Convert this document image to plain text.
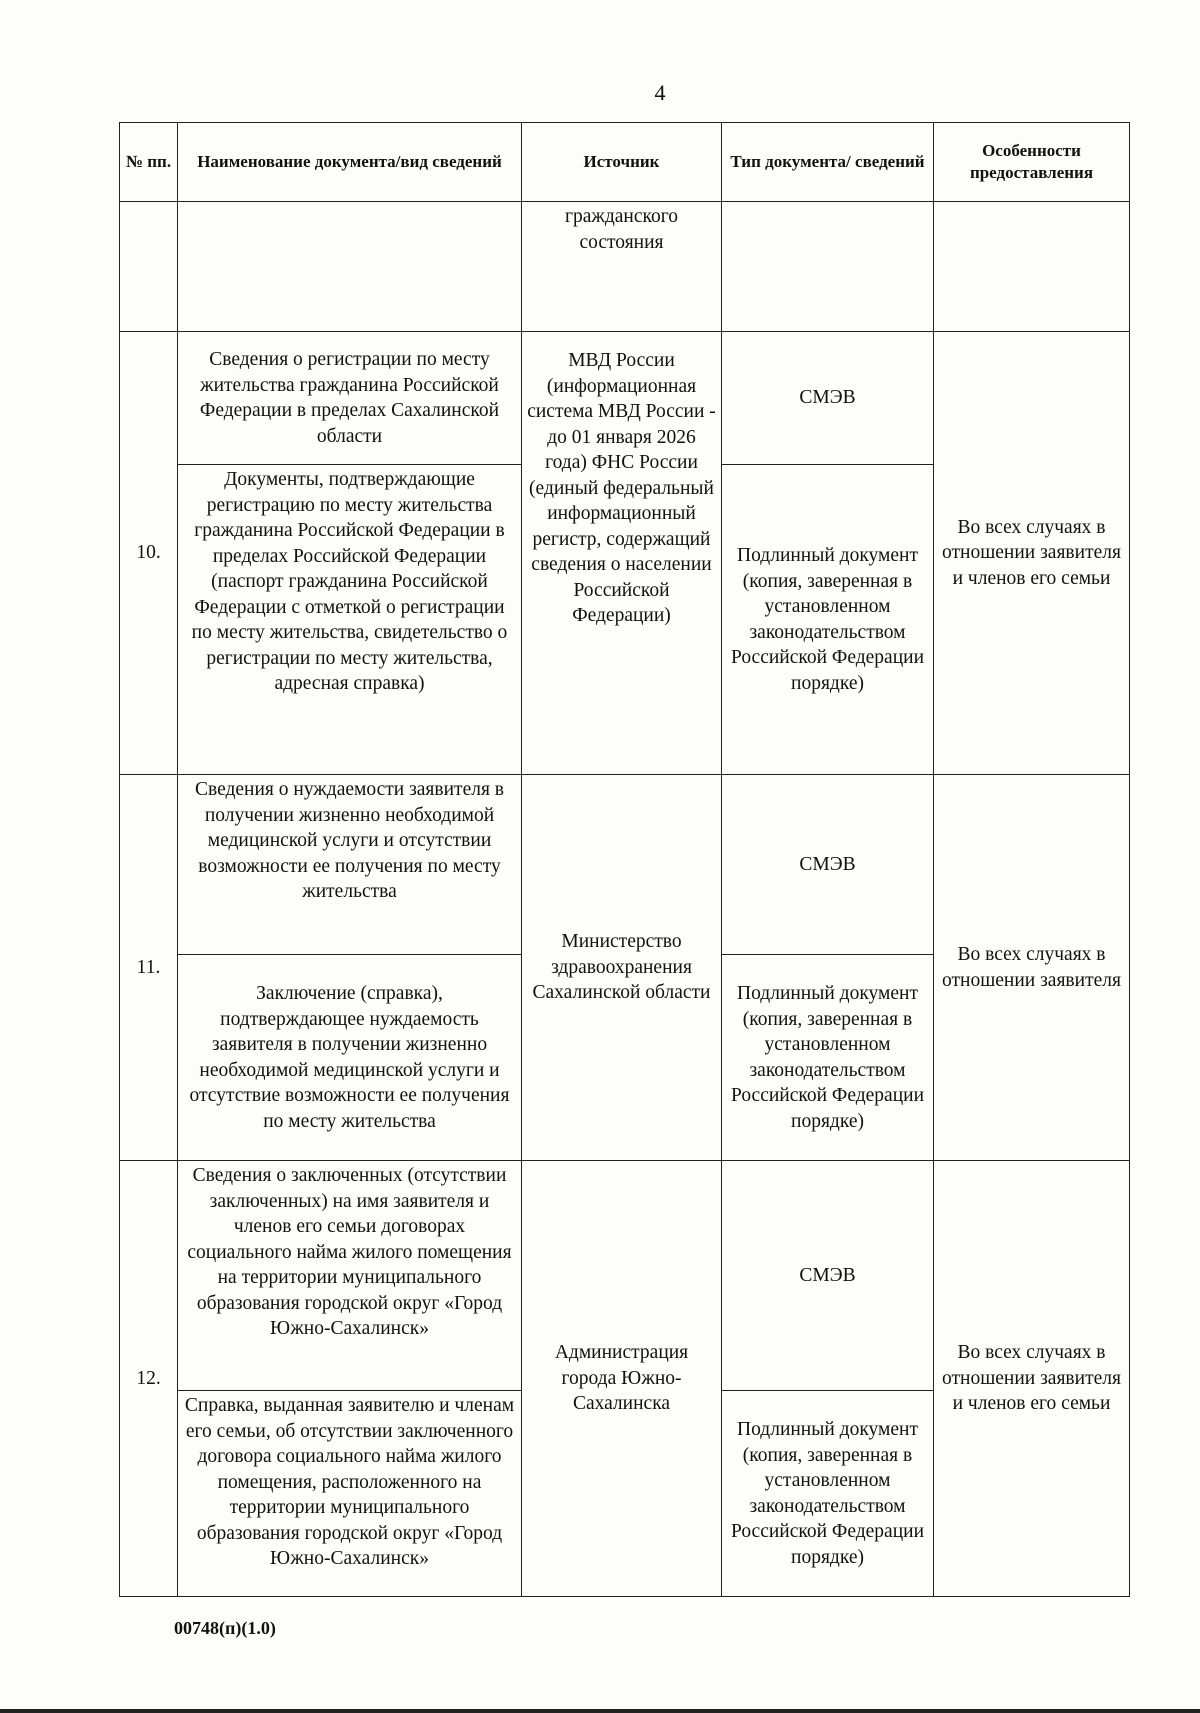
4
№ пп.	Наименование документа/вид сведений	Источник	Тип документа/ сведений	Особенности предоставления
		гражданского состояния		
10.	Сведения о регистрации по месту жительства гражданина Российской Федерации в пределах Сахалинской области	МВД России (информационная система МВД России - до 01 января 2026 года) ФНС России (единый федеральный информационный регистр, содержащий сведения о населении Российской Федерации)	СМЭВ	Во всех случаях в отношении заявителя и членов его семьи
	Документы, подтверждающие регистрацию по месту жительства гражданина Российской Федерации в пределах Российской Федерации (паспорт гражданина Российской Федерации с отметкой о регистрации по месту жительства, свидетельство о регистрации по месту жительства, адресная справка)		Подлинный документ (копия, заверенная в установленном законодательством Российской Федерации порядке)	
11.	Сведения о нуждаемости заявителя в получении жизненно необходимой медицинской услуги и отсутствии возможности ее получения по месту жительства	Министерство здравоохранения Сахалинской области	СМЭВ	Во всех случаях в отношении заявителя
	Заключение (справка), подтверждающее нуждаемость заявителя в получении жизненно необходимой медицинской услуги и отсутствие возможности ее получения по месту жительства		Подлинный документ (копия, заверенная в установленном законодательством Российской Федерации порядке)	
12.	Сведения о заключенных (отсутствии заключенных) на имя заявителя и членов его семьи договорах социального найма жилого помещения на территории муниципального образования городской округ «Город Южно-Сахалинск»	Администрация города Южно-Сахалинска	СМЭВ	Во всех случаях в отношении заявителя и членов его семьи
	Справка, выданная заявителю и членам его семьи, об отсутствии заключенного договора социального найма жилого помещения, расположенного на территории муниципального образования городской округ «Город Южно-Сахалинск»		Подлинный документ (копия, заверенная в установленном законодательством Российской Федерации порядке)	
00748(п)(1.0)
